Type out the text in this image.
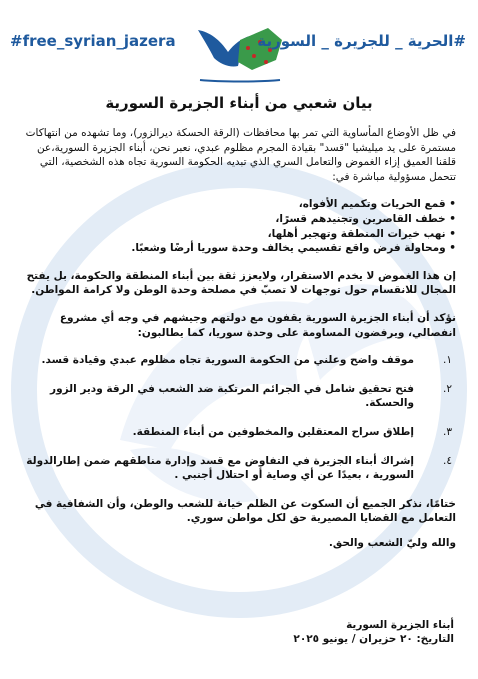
#free_syrian_jazera	#الحرية _ للجزيرة _ السورية
بيان شعبي من أبناء الجزيرة السورية

في ظل الأوضاع المأساوية التي تمر بها محافظات (الرقة الحسكة ديرالزور)، وما تشهده من انتهاكات مستمرة على يد ميليشيا "قسد" بقيادة المجرم مظلوم عبدي، نعبر نحن، أبناء الجزيرة السورية،عن قلقنا العميق إزاء الغموض والتعامل السري الذي تبديه الحكومة السورية تجاه هذه الشخصية، التي تتحمل مسؤولية مباشرة في:

• قمع الحريات وتكميم الأفواه،
• خطف القاصرين وتجنيدهم قسرًا،
• نهب خيرات المنطقة وتهجير أهلها،
• ومحاولة فرض واقع تقسيمي يخالف وحدة سوريا أرضًا وشعبًا.

إن هذا الغموض لا يخدم الاستقرار، ولايعزز ثقة بين أبناء المنطقة والحكومة، بل يفتح المجال للانقسام حول توجهات لا تصبّ في مصلحة وحدة الوطن ولا كرامة المواطن.

نؤكد أن أبناء الجزيرة السورية يقفون مع دولتهم وجيشهم في وجه أي مشروع انفصالي، ويرفضون المساومة على وحدة سوريا، كما يطالبون:

١.
موقف واضح وعلني من الحكومة السورية تجاه مظلوم عبدي وقيادة قسد.
٢.
فتح تحقيق شامل في الجرائم المرتكبة ضد الشعب في الرقة ودير الزور والحسكة.
٣.
إطلاق سراح المعتقلين والمخطوفين من أبناء المنطقة.
٤.
إشراك أبناء الجزيرة في التفاوض مع قسد وإدارة مناطقهم ضمن إطارالدولة السورية ، بعيدًا عن أي وصاية أو احتلال أجنبي .

ختامًا، نذكر الجميع أن السكوت عن الظلم خيانة للشعب والوطن، وأن الشفافية في التعامل مع القضايا المصيرية حق لكل مواطن سوري.

والله وليّ الشعب والحق.

أبناء الجزيرة السورية
التاريخ: ٢٠ حزيران / يونيو ٢٠٢٥
